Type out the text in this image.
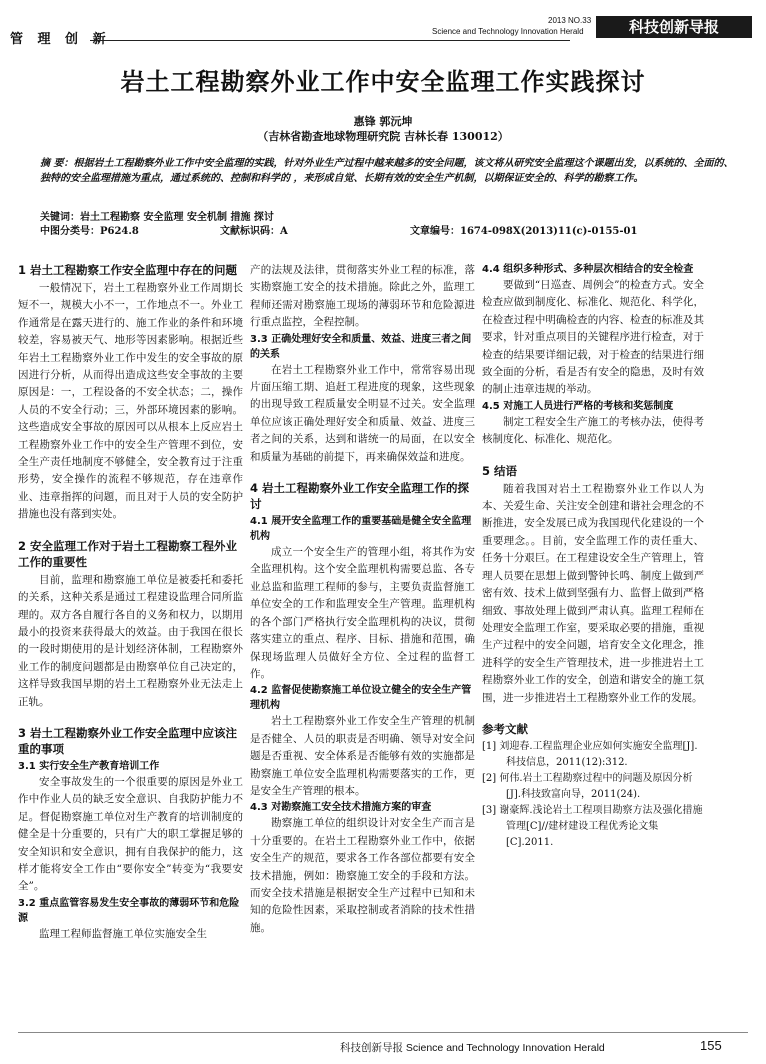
管 理 创 新
2013 NO.33
Science and Technology Innovation Herald	科技创新导报
岩土工程勘察外业工作中安全监理工作实践探讨
惠锋 郭沅坤
（吉林省勘查地球物理研究院 吉林长春 130012）
摘 要：根据岩土工程勘察外业工作中安全监理的实践，针对外业生产过程中越来越多的安全问题，该文将从研究安全监理这个课题出发，以系统的、全面的、独特的安全监理措施为重点，通过系统的、控制和科学的 ，来形成自觉、长期有效的安全生产机制，以期保证安全的、科学的勘察工作。
关键词：岩土工程勘察 安全监理 安全机制 措施 探讨
中图分类号：P624.8	文献标识码：A	文章编号：1674-098X(2013)11(c)-0155-01
1 岩土工程勘察工作安全监理中存在的问题

一般情况下，岩土工程勘察外业工作周期长短不一，规模大小不一，工作地点不一。外业工作通常是在露天进行的、施工作业的条件和环境较差，容易被天气、地形等因素影响。根据近些年岩土工程勘察外业工作中发生的安全事故的原因进行分析，从而得出造成这些安全事故的主要原因是：一，工程设备的不安全状态；二，操作人员的不安全行动；三，外部环境因素的影响。这些造成安全事故的原因可以从根本上反应岩土工程勘察外业工作中的安全生产管理不到位，安全生产责任地制度不够健全，安全教育过于注重形势，安全操作的流程不够规范，存在违章作业、违章指挥的问题，而且对于人员的安全防护措施也没有落到实处。

2 安全监理工作对于岩土工程勘察工程外业工作的重要性

目前，监理和勘察施工单位是被委托和委托的关系，这种关系是通过工程建设监理合同所监理的。双方各自履行各自的义务和权力，以期用最小的投资来获得最大的效益。由于我国在很长的一段时期使用的是计划经济体制，工程勘察外业工作的制度问题都是由勘察单位自己决定的，这样导致我国早期的岩土工程勘察外业无法走上正轨。

3 岩土工程勘察外业工作安全监理中应该注重的事项
3.1 实行安全生产教育培训工作

安全事故发生的一个很重要的原因是外业工作中作业人员的缺乏安全意识、自我防护能力不足。督促勘察施工单位对生产教育的培训制度的健全是十分重要的，只有广大的职工掌握足够的安全知识和安全意识，拥有自我保护的能力，这样才能将安全工作由“要你安全”转变为“我要安全”。

3.2 重点监管容易发生安全事故的薄弱环节和危险源

监理工程师监督施工单位实施安全生

产的法规及法律，贯彻落实外业工程的标准，落实勘察施工安全的技术措施。除此之外，监理工程师还需对勘察施工现场的薄弱环节和危险源进行重点监控，全程控制。

3.3 正确处理好安全和质量、效益、进度三者之间的关系

在岩土工程勘察外业工作中，常常容易出现片面压缩工期、追赶工程进度的现象，这些现象的出现导致工程质量安全明显不过关。安全监理单位应该正确处理好安全和质量、效益、进度三者之间的关系，达到和谐统一的局面，在以安全和质量为基础的前提下，再来确保效益和进度。

4 岩土工程勘察外业工作安全监理工作的探讨
4.1 展开安全监理工作的重要基础是健全安全监理机构

成立一个安全生产的管理小组，将其作为安全监理机构。这个安全监理机构需要总监、各专业总监和监理工程师的参与，主要负责监督施工单位安全的工作和监理安全生产管理。监理机构的各个部门严格执行安全监理机构的决议，贯彻落实建立的重点、程序、目标、措施和范围，确保现场监理人员做好全方位、全过程的监督工作。

4.2 监督促使勘察施工单位设立健全的安全生产管理机构

岩土工程勘察外业工作安全生产管理的机制是否健全、人员的职责是否明确、领导对安全问题是否重视、安全体系是否能够有效的实施都是勘察施工单位安全监理机构需要落实的工作，更是安全生产管理的根本。

4.3 对勘察施工安全技术措施方案的审查

勘察施工单位的组织设计对安全生产而言是十分重要的。在岩土工程勘察外业工作中，依据安全生产的规范，要求各工作各部位都要有安全技术措施，例如：勘察施工安全的手段和方法。而安全技术措施是根据安全生产过程中已知和未知的危险性因素，采取控制或者消除的技术性措施。

4.4 组织多种形式、多种层次相结合的安全检查

要做到“日巡查、周例会”的检查方式。安全检查应做到制度化、标准化、规范化、科学化，在检查过程中明确检查的内容、检查的标准及其要求，针对重点项目的关键程序进行检查，对于检查的结果要详细记载，对于检查的结果进行细致全面的分析，看是否有安全的隐患，及时有效的制止违章违规的举动。

4.5 对施工人员进行严格的考核和奖惩制度

制定工程安全生产施工的考核办法，使得考核制度化、标准化、规范化。

5 结语

随着我国对岩土工程勘察外业工作以人为本、关爱生命、关注安全创建和谐社会理念的不断推进，安全发展已成为我国现代化建设的一个重要理念。。目前，安全监理工作的责任重大、任务十分艰巨。在工程建设安全生产管理上，管理人员要在思想上做到警钟长鸣、制度上做到严密有效、技术上做到坚强有力、监督上做到严格细致、事故处理上做到严肃认真。监理工程师在处理安全监理工作室，要采取必要的措施，重视生产过程中的安全问题，培育安全文化理念，推进科学的安全生产管理技术，进一步推进岩土工程勘察外业工作的安全，创造和谐安全的施工氛围，进一步推进岩土工程勘察外业工作的发展。

参考文献

[1] 刘迎春.工程监理企业应如何实施安全监理[J].科技信息，2011(12):312.

[2] 何伟.岩土工程勘察过程中的问题及原因分析[J].科技致富向导，2011(24).

[3] 谢豪辉.浅论岩土工程项目勘察方法及强化措施管理[C]//建材建设工程优秀论文集[C].2011.

科技创新导报 Science and Technology Innovation Herald	155
